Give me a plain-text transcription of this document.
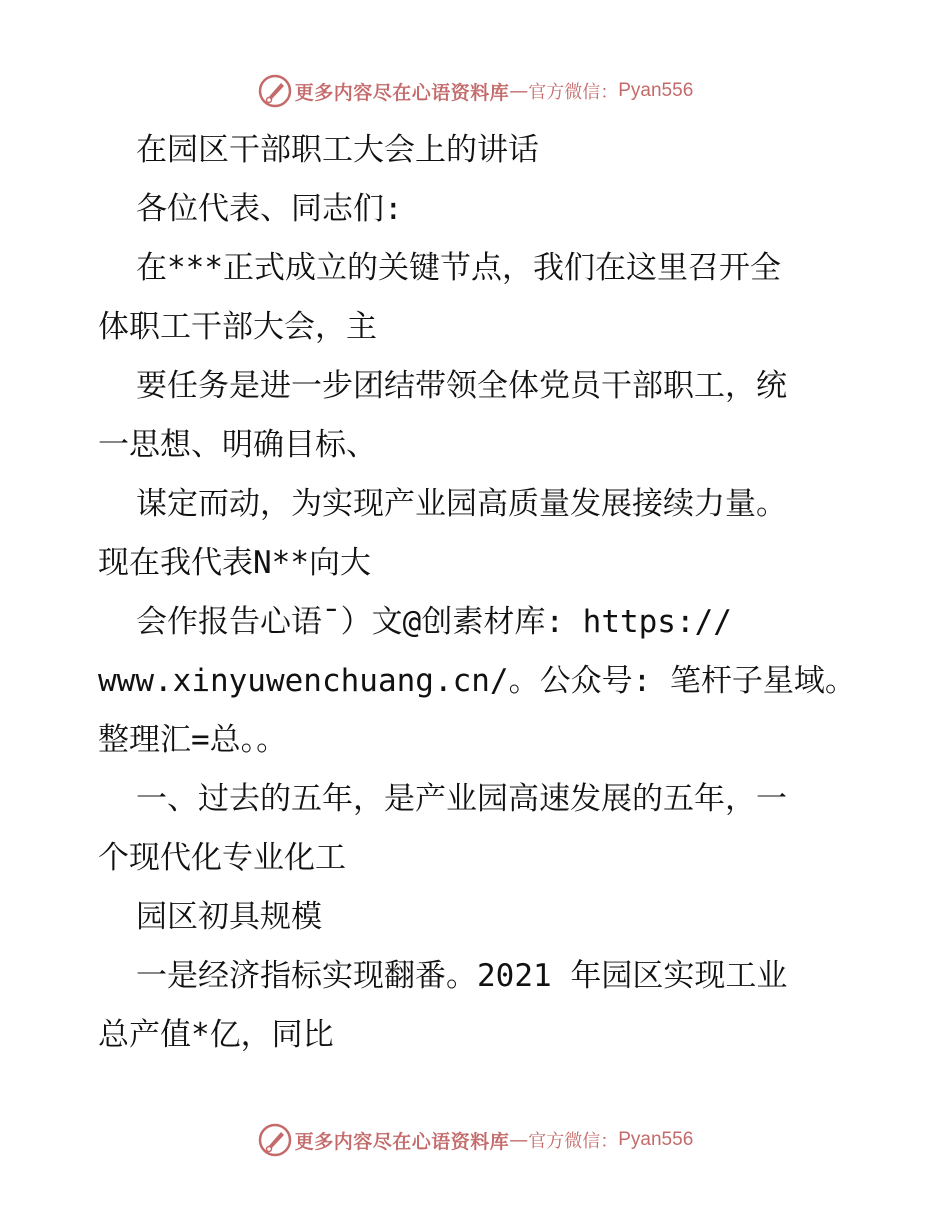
更多内容尽在心语资料库 — 官方微信： Pyan556
在园区干部职工大会上的讲话
各位代表、同志们:
在***正式成立的关键节点，我们在这里召开全
体职工干部大会，主
要任务是进一步团结带领全体党员干部职工，统
一思想、明确目标、
谋定而动，为实现产业园高质量发展接续力量。
现在我代表N**向大
会作报告心语¯）文@创素材库: https://
www.xinyuwenchuang.cn/。公众号: 笔杆子星域。
整理汇=总。。
一、过去的五年，是产业园高速发展的五年，一
个现代化专业化工
园区初具规模
一是经济指标实现翻番。2021 年园区实现工业
总产值*亿，同比
更多内容尽在心语资料库 — 官方微信： Pyan556
